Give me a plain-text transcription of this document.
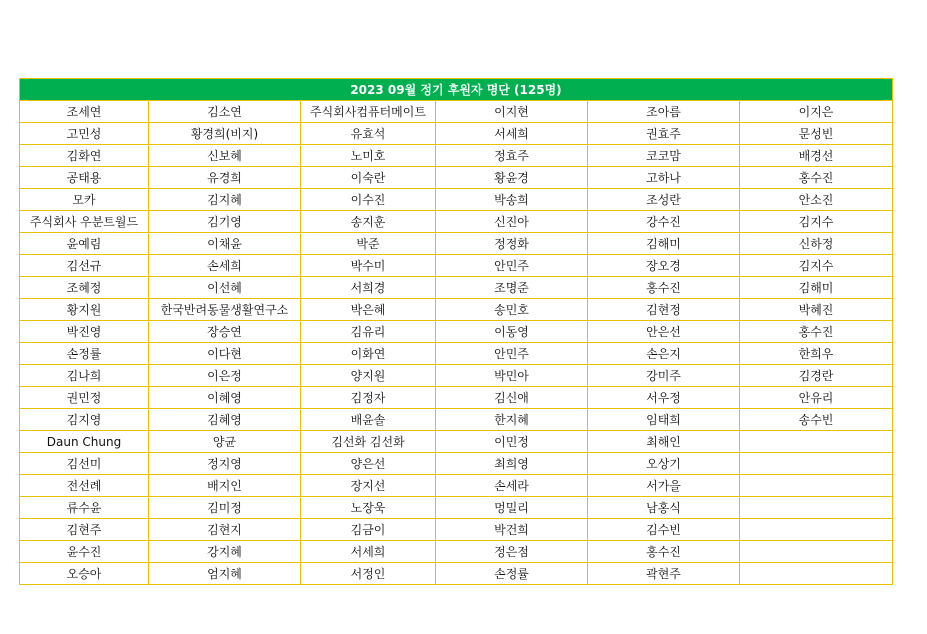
2023 09월 정기 후원자 명단 (125명)					
조세연	김소연	주식회사컴퓨터메이트	이지현	조아름	이지은
고민성	황경희(비지)	유효석	서세희	권효주	문성빈
김화연	신보혜	노미호	정효주	코코맘	배경선
공태용	유경희	이숙란	황윤경	고하나	홍수진
모카	김지혜	이수진	박송희	조성란	안소진
주식회사 우분트월드	김기영	송지훈	신진아	강수진	김지수
윤예림	이채윤	박준	정정화	김해미	신하정
김선규	손세희	박수미	안민주	장오경	김지수
조혜정	이선혜	서희경	조명준	홍수진	김해미
황지원	한국반려동물생활연구소	박은혜	송민호	김현정	박혜진
박진영	장승연	김유리	이동영	안은선	홍수진
손정률	이다현	이화연	안민주	손은지	한희우
김나희	이은정	양지원	박민아	강미주	김경란
권민정	이혜영	김정자	김신애	서우정	안유리
김지영	김혜영	배윤솔	한지혜	임태희	송수빈
Daun Chung	양균	김선화 김선화	이민정	최해인	
김선미	정지영	양은선	최희영	오상기	
전선례	배지인	장지선	손세라	서가을	
류수윤	김미정	노장욱	멍밀리	남홍식	
김현주	김현지	김금이	박건희	김수빈	
윤수진	강지혜	서세희	정은점	홍수진	
오승아	엄지혜	서정인	손정률	곽현주	
